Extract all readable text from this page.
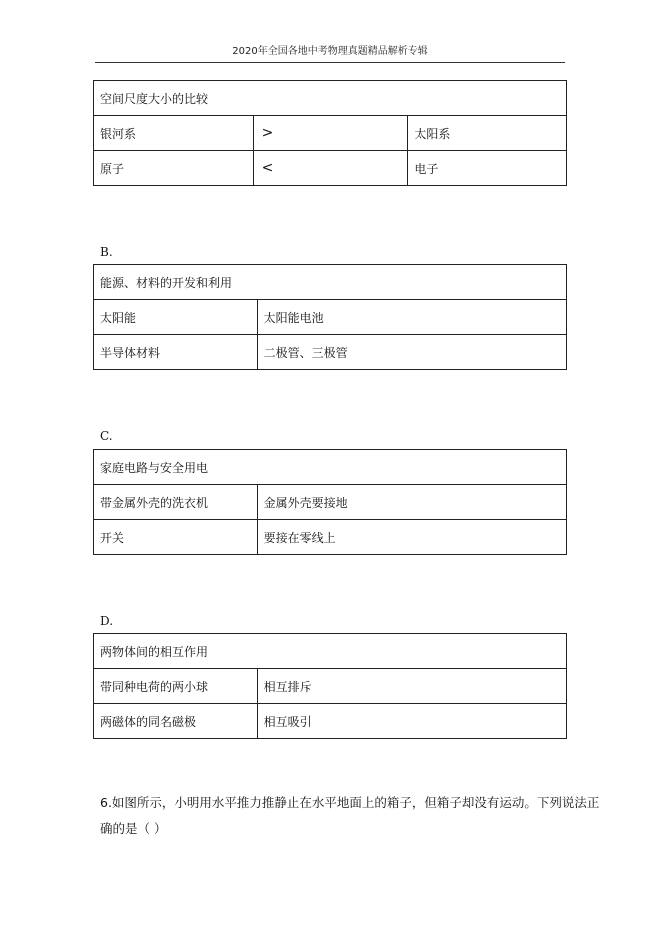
2020年全国各地中考物理真题精品解析专辑
空间尺度大小的比较		
银河系	>	太阳系
原子	<	电子
B.
能源、材料的开发和利用	
太阳能	太阳能电池
半导体材料	二极管、三极管
C.
家庭电路与安全用电	
带金属外壳的洗衣机	金属外壳要接地
开关	要接在零线上
D.
两物体间的相互作用	
带同种电荷的两小球	相互排斥
两磁体的同名磁极	相互吸引
6.如图所示，小明用水平推力推静止在水平地面上的箱子，但箱子却没有运动。下列说法正
确的是（ ）
